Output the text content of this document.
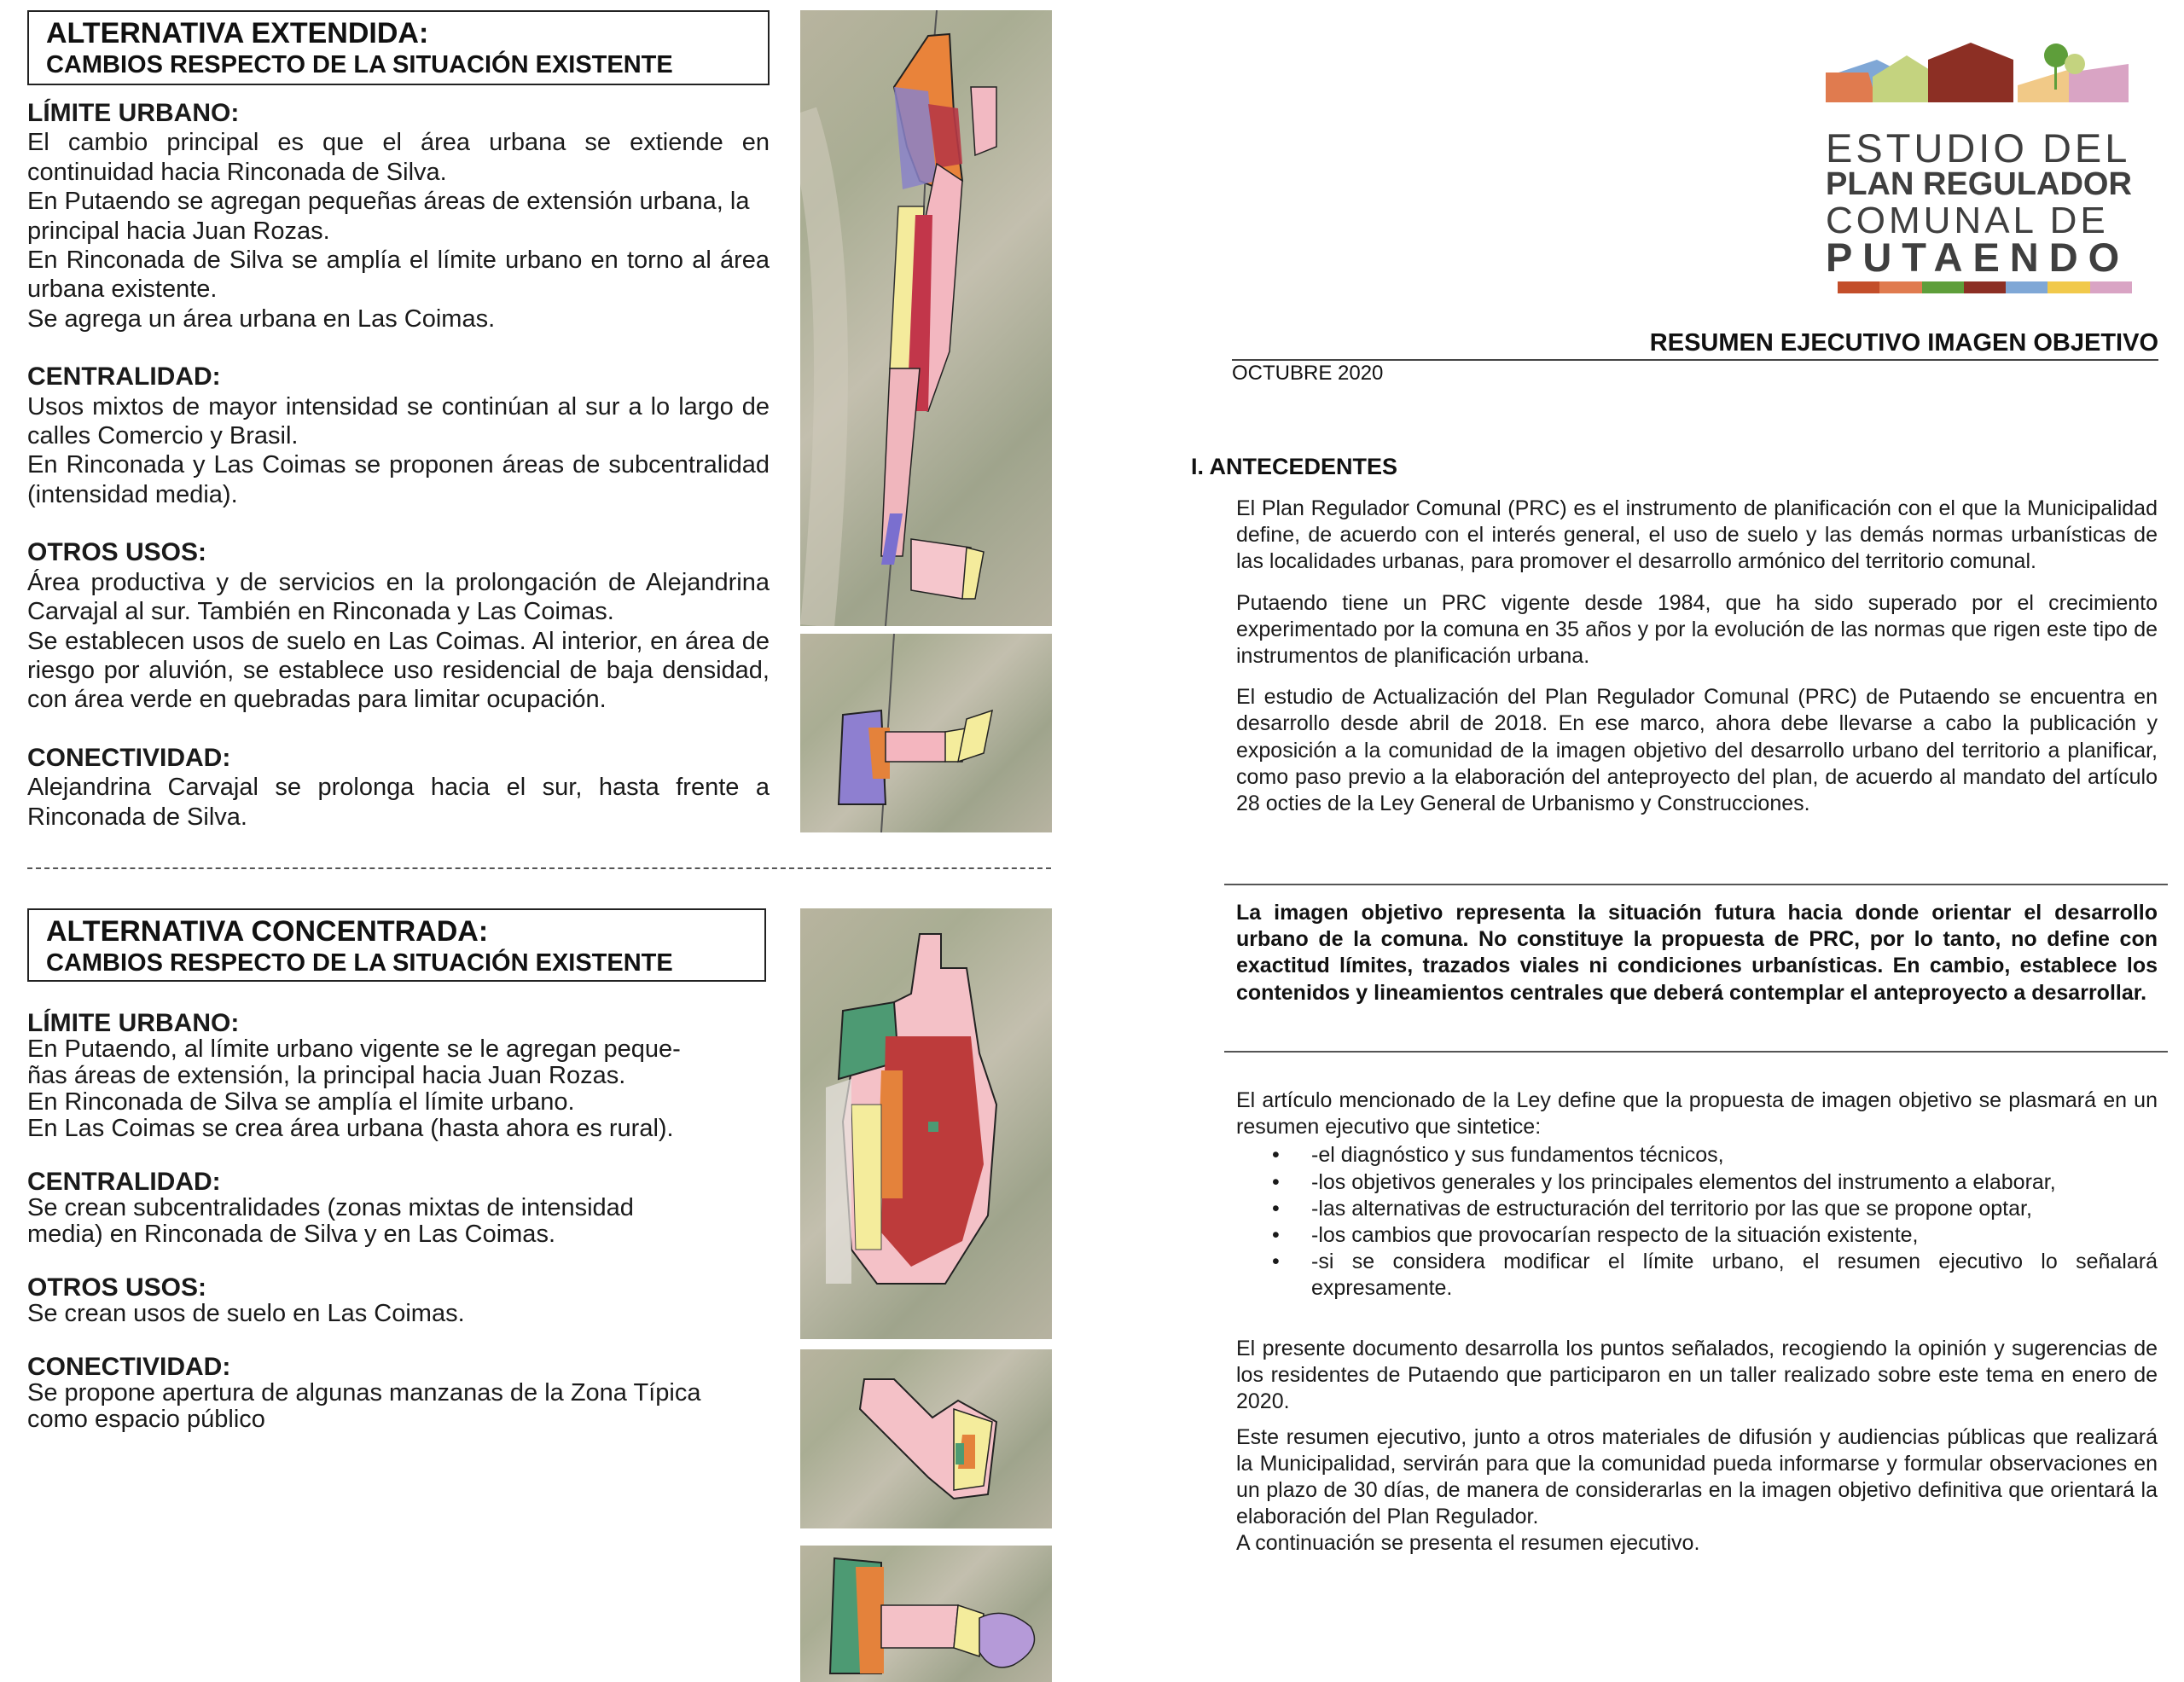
ALTERNATIVA EXTENDIDA:
CAMBIOS RESPECTO DE LA SITUACIÓN EXISTENTE

LÍMITE URBANO:

El cambio principal es que el área urbana se extiende en continuidad hacia Rinconada de Silva.

En Putaendo se agregan pequeñas áreas de extensión urbana, la principal hacia Juan Rozas.

En Rinconada de Silva se amplía el límite urbano en torno al área urbana existente.

Se agrega un área urbana en Las Coimas.

CENTRALIDAD:

Usos mixtos de mayor intensidad se continúan al sur a lo largo de calles Comercio y Brasil.

En Rinconada y Las Coimas se proponen áreas de subcentralidad (intensidad media).

OTROS USOS:

Área productiva y de servicios en la prolongación de Alejandrina Carvajal al sur. También en Rinconada y Las Coimas.

Se establecen usos de suelo en Las Coimas. Al interior, en área de riesgo por aluvión, se establece uso residencial de baja densidad, con área verde en quebradas para limitar ocupación.

CONECTIVIDAD:

Alejandrina Carvajal se prolonga hacia el sur, hasta frente a Rinconada de Silva.

ALTERNATIVA CONCENTRADA:
CAMBIOS RESPECTO DE LA SITUACIÓN EXISTENTE

LÍMITE URBANO:

En Putaendo, al límite urbano vigente se le agregan peque-

ñas áreas de extensión, la principal hacia Juan Rozas.

En Rinconada de Silva se amplía el límite urbano.

En Las Coimas se crea área urbana (hasta ahora es rural).

CENTRALIDAD:

Se crean subcentralidades (zonas mixtas de intensidad

media) en Rinconada de Silva y en Las Coimas.

OTROS USOS:

Se crean usos de suelo en Las Coimas.

CONECTIVIDAD:

Se propone apertura de algunas manzanas de la Zona Típica

como espacio público

ESTUDIO DEL
PLAN REGULADOR
COMUNAL DE
PUTAENDO
RESUMEN EJECUTIVO IMAGEN OBJETIVO
OCTUBRE 2020
I. ANTECEDENTES

El Plan Regulador Comunal (PRC) es el instrumento de planificación con el que la Municipalidad define, de acuerdo con el interés general, el uso de suelo y las demás normas urbanísticas de las localidades urbanas, para promover el desarrollo armónico del territorio comunal.

Putaendo tiene un PRC vigente desde 1984, que ha sido superado por el crecimiento experimentado por la comuna en 35 años y por la evolución de las normas que rigen este tipo de instrumentos de planificación urbana.

El estudio de Actualización del Plan Regulador Comunal (PRC) de Putaendo se encuentra en desarrollo desde abril de 2018. En ese marco, ahora debe llevarse a cabo la publicación y exposición a la comunidad de la imagen objetivo del desarrollo urbano del territorio a planificar, como paso previo a la elaboración del anteproyecto del plan, de acuerdo al mandato del artículo 28 octies de la Ley General de Urbanismo y Construcciones.

La imagen objetivo representa la situación futura hacia donde orientar el desarrollo urbano de la comuna. No constituye la propuesta de PRC, por lo tanto, no define con exactitud límites, trazados viales ni condiciones urbanísticas. En cambio, establece los contenidos y lineamientos centrales que deberá contemplar el anteproyecto a desarrollar.

El artículo mencionado de la Ley define que la propuesta de imagen objetivo se plasmará en un resumen ejecutivo que sintetice:

• -el diagnóstico y sus fundamentos técnicos,
• -los objetivos generales y los principales elementos del instrumento a elaborar,
• -las alternativas de estructuración del territorio por las que se propone optar,
• -los cambios que provocarían respecto de la situación existente,
• -si se considera modificar el límite urbano, el resumen ejecutivo lo señalará expresamente.

El presente documento desarrolla los puntos señalados, recogiendo la opinión y sugerencias de los residentes de Putaendo que participaron en un taller realizado sobre este tema en enero de 2020.

Este resumen ejecutivo, junto a otros materiales de difusión y audiencias públicas que realizará la Municipalidad, servirán para que la comunidad pueda informarse y formular observaciones en un plazo de 30 días, de manera de considerarlas en la imagen objetivo definitiva que orientará la elaboración del Plan Regulador.

A continuación se presenta el resumen ejecutivo.
